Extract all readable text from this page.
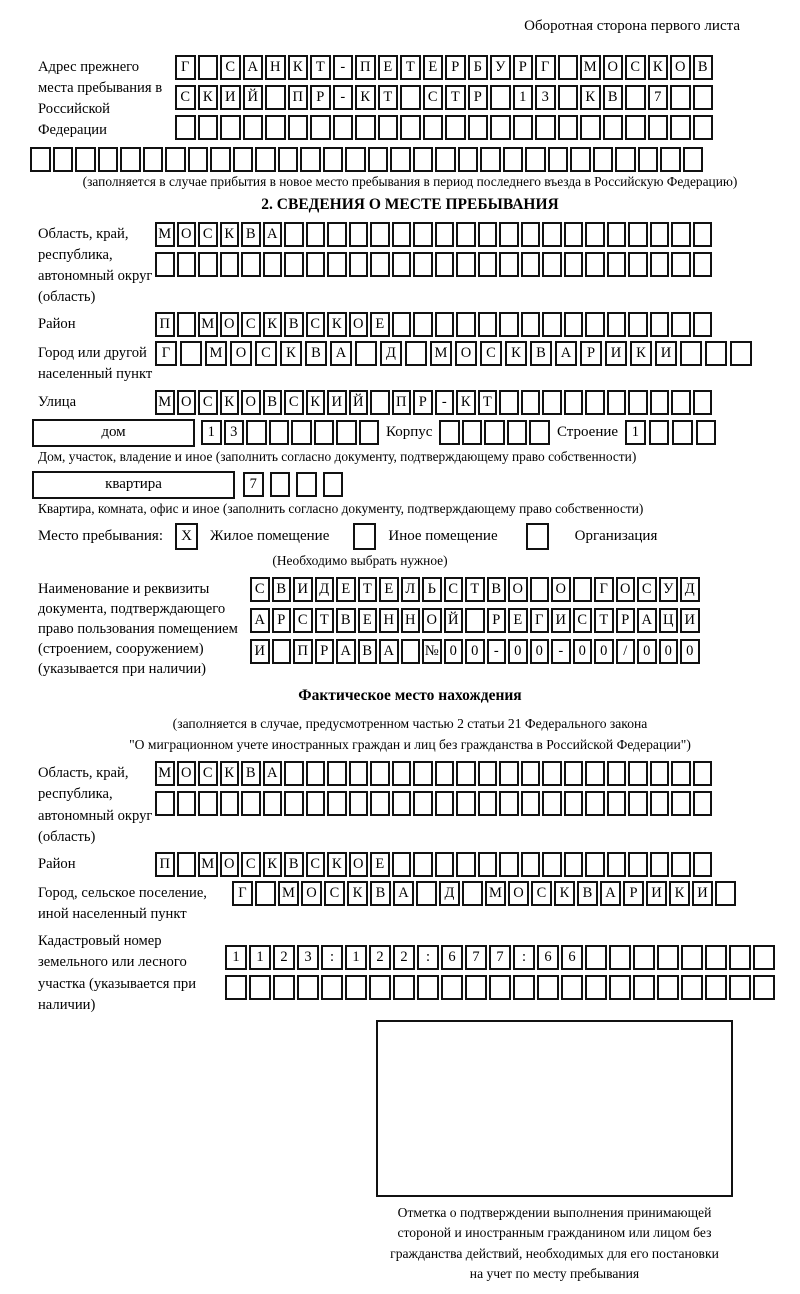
Оборотная сторона первого листа
Адрес прежнего места пребывания в Российской Федерации
Г	С А Н К Т	-	П Е Т Е Р Б У Р Г	М О С К О В
С К И Й	П Р	-	К Т	С Т Р	1	3	К В	7
(заполняется в случае прибытия в новое место пребывания в период последнего въезда в Российскую Федерацию)
2. СВЕДЕНИЯ О МЕСТЕ ПРЕБЫВАНИЯ
Область, край, республика, автономный округ (область)
М О С К В А
Район	П	М О С К В С К О Е
Город или другой населенный пункт
Г	М О	С	К	В	А	Д	М О	С	К	В	А	Р	И	К	И
Улица	М О С К О В С К И Й	П Р	- К Т
дом	1	3	Корпус	Строение 1
Дом, участок, владение и иное (заполнить согласно документу, подтверждающему право собственности)
квартира	7
Квартира, комната, офис и иное (заполнить согласно документу, подтверждающему право собственности)
Место пребывания:	X	Жилое помещение	Иное помещение	Организация
(Необходимо выбрать нужное)
Наименование и реквизиты документа, подтверждающего право пользования помещением (строением, сооружением) (указывается при наличии)
С В И Д Е Т Е Л Ь С Т В О	О	Г О С У Д
А Р С Т В Е Н Н О Й	Р Е Г И С Т Р А Ц И
И	П Р А В А	№ 0 0	-	0 0	-	0 0	/	0 0 0
Фактическое место нахождения
(заполняется в случае, предусмотренном частью 2 статьи 21 Федерального закона
"О миграционном учете иностранных граждан и лиц без гражданства в Российской Федерации")
Область, край, республика, автономный округ (область)
М О С К В А
Район	П	М О С К В С К О Е
Город, сельское поселение, иной населенный пункт
Г	М О С К В А	Д	М О С К В А Р И К И
Кадастровый номер земельного или лесного участка (указывается при наличии)
1	1	2	3	:	1	2	2	:	6	7	7	:	6	6
Отметка о подтверждении выполнения принимающей
стороной и иностранным гражданином или лицом без
гражданства действий, необходимых для его постановки
на учет по месту пребывания
